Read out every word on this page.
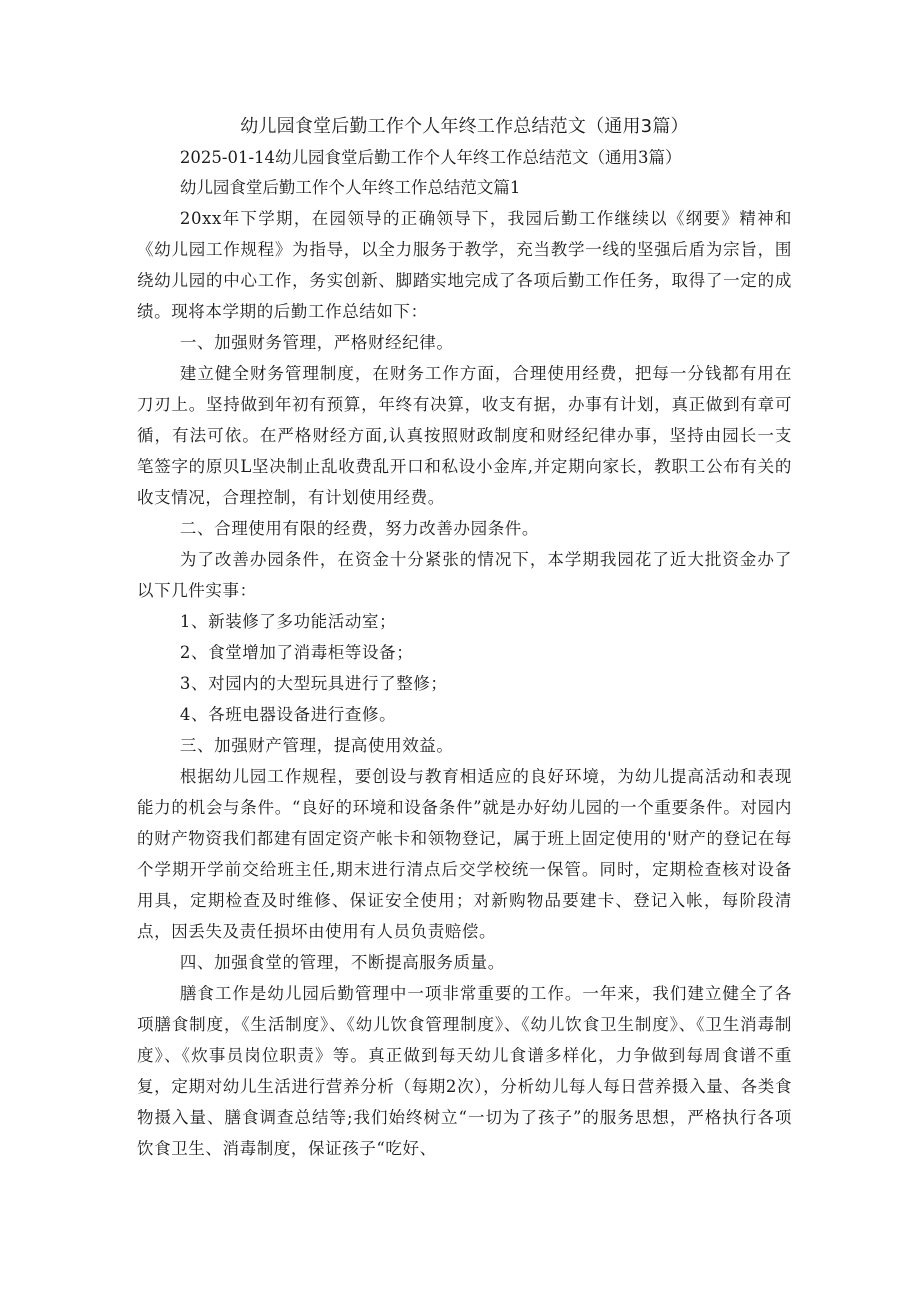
幼儿园食堂后勤工作个人年终工作总结范文（通用3篇）

2025-01-14幼儿园食堂后勤工作个人年终工作总结范文（通用3篇）

幼儿园食堂后勤工作个人年终工作总结范文篇1

20xx年下学期，在园领导的正确领导下，我园后勤工作继续以《纲要》精神和《幼儿园工作规程》为指导，以全力服务于教学，充当教学一线的坚强后盾为宗旨，围绕幼儿园的中心工作，务实创新、脚踏实地完成了各项后勤工作任务，取得了一定的成绩。现将本学期的后勤工作总结如下：

一、加强财务管理，严格财经纪律。

建立健全财务管理制度，在财务工作方面，合理使用经费，把每一分钱都有用在刀刃上。坚持做到年初有预算，年终有决算，收支有据，办事有计划，真正做到有章可循，有法可依。在严格财经方面,认真按照财政制度和财经纪律办事，坚持由园长一支笔签字的原贝L坚决制止乱收费乱开口和私设小金库,并定期向家长，教职工公布有关的收支情况，合理控制，有计划使用经费。

二、合理使用有限的经费，努力改善办园条件。

为了改善办园条件，在资金十分紧张的情况下，本学期我园花了近大批资金办了以下几件实事：

1、新装修了多功能活动室；

2、食堂增加了消毒柜等设备；

3、对园内的大型玩具进行了整修；

4、各班电器设备进行查修。

三、加强财产管理，提高使用效益。

根据幼儿园工作规程，要创设与教育相适应的良好环境，为幼儿提高活动和表现能力的机会与条件。“良好的环境和设备条件”就是办好幼儿园的一个重要条件。对园内的财产物资我们都建有固定资产帐卡和领物登记，属于班上固定使用的'财产的登记在每个学期开学前交给班主任,期末进行清点后交学校统一保管。同时，定期检查核对设备用具，定期检查及时维修、保证安全使用；对新购物品要建卡、登记入帐，每阶段清点，因丢失及责任损坏由使用有人员负责赔偿。

四、加强食堂的管理，不断提高服务质量。

膳食工作是幼儿园后勤管理中一项非常重要的工作。一年来，我们建立健全了各项膳食制度，《生活制度》、《幼儿饮食管理制度》、《幼儿饮食卫生制度》、《卫生消毒制度》、《炊事员岗位职责》等。真正做到每天幼儿食谱多样化，力争做到每周食谱不重复，定期对幼儿生活进行营养分析（每期2次），分析幼儿每人每日营养摄入量、各类食物摄入量、膳食调查总结等;我们始终树立“一切为了孩子”的服务思想，严格执行各项饮食卫生、消毒制度，保证孩子“吃好、
